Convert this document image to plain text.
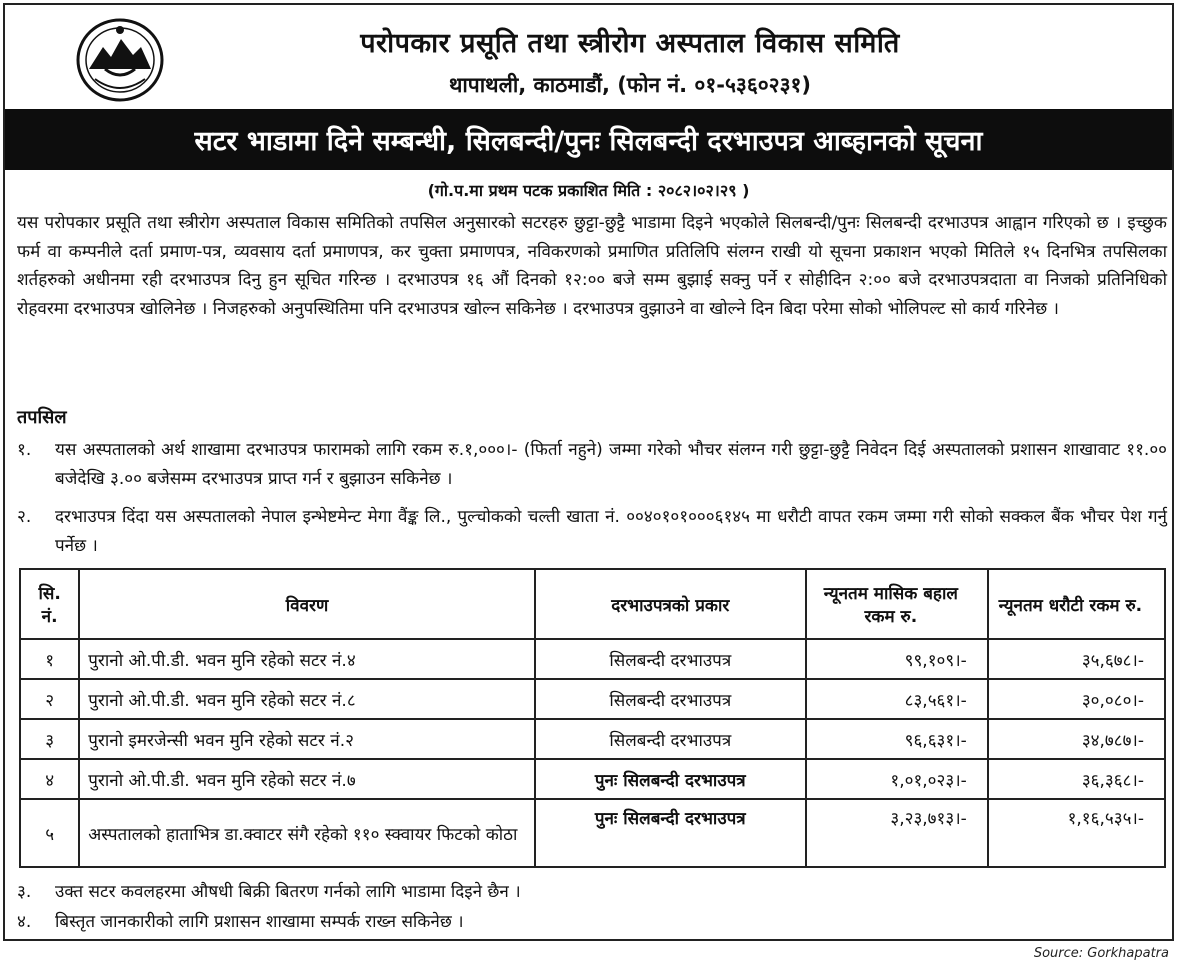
परोपकार प्रसूति तथा स्त्रीरोग अस्पताल विकास समिति
थापाथली, काठमाडौं, (फोन नं. ०१-५३६०२३१)
सटर भाडामा दिने सम्बन्धी, सिलबन्दी/पुनः सिलबन्दी दरभाउपत्र आब्हानको सूचना
(गो.प.मा प्रथम पटक प्रकाशित मिति : २०८२।०२।२९ )
यस परोपकार प्रसूति तथा स्त्रीरोग अस्पताल विकास समितिको तपसिल अनुसारको सटरहरु छुट्टा-छुट्टै भाडामा दिइने भएकोले सिलबन्दी/पुनः सिलबन्दी दरभाउपत्र आह्वान गरिएको छ । इच्छुक फर्म वा कम्पनीले दर्ता प्रमाण-पत्र, व्यवसाय दर्ता प्रमाणपत्र, कर चुक्ता प्रमाणपत्र, नविकरणको प्रमाणित प्रतिलिपि संलग्न राखी यो सूचना प्रकाशन भएको मितिले १५ दिनभित्र तपसिलका शर्तहरुको अधीनमा रही दरभाउपत्र दिनु हुन सूचित गरिन्छ । दरभाउपत्र १६ औं दिनको १२:०० बजे सम्म बुझाई सक्नु पर्ने र सोहीदिन २:०० बजे दरभाउपत्रदाता वा निजको प्रतिनिधिको रोहवरमा दरभाउपत्र खोलिनेछ । निजहरुको अनुपस्थितिमा पनि दरभाउपत्र खोल्न सकिनेछ । दरभाउपत्र वुझाउने वा खोल्ने दिन बिदा परेमा सोको भोलिपल्ट सो कार्य गरिनेछ ।
तपसिल
१.	यस अस्पतालको अर्थ शाखामा दरभाउपत्र फारामको लागि रकम रु.१,०००।- (फिर्ता नहुने) जम्मा गरेको भौचर संलग्न गरी छुट्टा-छुट्टै निवेदन दिई अस्पतालको प्रशासन शाखावाट ११.०० बजेदेखि ३.०० बजेसम्म दरभाउपत्र प्राप्त गर्न र बुझाउन सकिनेछ ।
२.	दरभाउपत्र दिंदा यस अस्पतालको नेपाल इन्भेष्टमेन्ट मेगा वैंङ्क लि., पुल्चोकको चल्ती खाता नं. ००४०१०१०००६१४५ मा धरौटी वापत रकम जम्मा गरी सोको सक्कल बैंक भौचर पेश गर्नु पर्नेछ ।
सि. नं.	विवरण	दरभाउपत्रको प्रकार	न्यूनतम मासिक बहाल रकम रु.	न्यूनतम धरौटी रकम रु.
१	पुरानो ओ.पी.डी. भवन मुनि रहेको सटर नं.४	सिलबन्दी दरभाउपत्र	९९,१०९।-	३५,६७८।-
२	पुरानो ओ.पी.डी. भवन मुनि रहेको सटर नं.८	सिलबन्दी दरभाउपत्र	८३,५६१।-	३०,०८०।-
३	पुरानो इमरजेन्सी भवन मुनि रहेको सटर नं.२	सिलबन्दी दरभाउपत्र	९६,६३१।-	३४,७८७।-
४	पुरानो ओ.पी.डी. भवन मुनि रहेको सटर नं.७	पुनः सिलबन्दी दरभाउपत्र	१,०१,०२३।-	३६,३६८।-
५	अस्पतालको हाताभित्र डा.क्वाटर संगै रहेको ११० स्क्वायर फिटको कोठा	पुनः सिलबन्दी दरभाउपत्र	३,२३,७१३।-	१,१६,५३५।-
३.	उक्त सटर कवलहरमा औषधी बिक्री बितरण गर्नको लागि भाडामा दिइने छैन ।
४.	बिस्तृत जानकारीको लागि प्रशासन शाखामा सम्पर्क राख्न सकिनेछ ।
Source: Gorkhapatra
